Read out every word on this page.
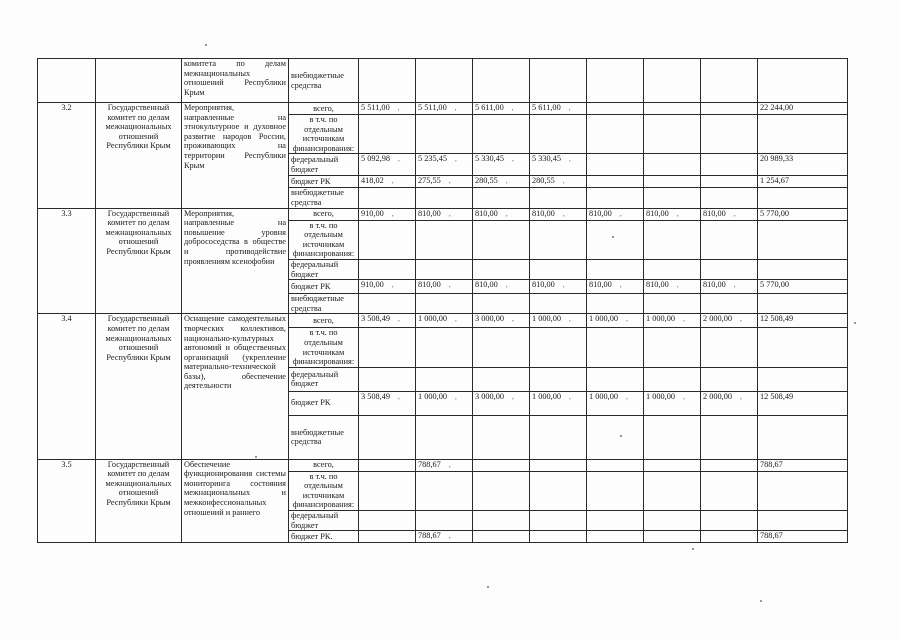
		комитета по делам межнациональных отношений Республики Крым	внебюджетные средства								
3.2	Государственный комитет по делам межнациональных отношений Республики Крым	Мероприятия, направленные на этнокультурное и духовное развитие народов России, проживающих на территории Республики Крым	всего,	5 511,00 ,	5 511,00 ,	5 611,00 ,	5 611,00 ,				22 244,00
			в т.ч. по отдельным источникам финансирования:								
			федеральный бюджет	5 092,98 ,	5 235,45 ,	5 330,45 ,	5 330,45 ,				20 989,33
			бюджет РК	418,02 ,	275,55 ,	280,55 ,	280,55 ,				1 254,67
			внебюджетные средства								
3.3	Государственный комитет по делам межнациональных отношений Республики Крым	Мероприятия, направленные на повышение уровня добрососедства в обществе и противодействие проявлениям ксенофобии	всего,	910,00 ,	810,00 ,	810,00 ,	810,00 ,	810,00 ,	810,00 ,	810,00 ,	5 770,00
			в т.ч. по отдельным источникам финансирования:								
			федеральный бюджет								
			бюджет РК	910,00 ,	810,00 ,	810,00 ,	810,00 ,	810,00 ,	810,00 ,	810,00 ,	5 770,00
			внебюджетные средства								
3.4	Государственный комитет по делам межнациональных отношений Республики Крым	Оснащение самодеятельных творческих коллективов, национально-культурных автономий и общественных организаций (укрепление материально-технической базы), обеспечение деятельности	всего,	3 508,49 ,	1 000,00 ,	3 000,00 ,	1 000,00 ,	1 000,00 ,	1 000,00 ,	2 000,00 ,	12 508,49
			в т.ч. по отдельным источникам финансирования:								
			федеральный бюджет								
			бюджет РК	3 508,49 ,	1 000,00 ,	3 000,00 ,	1 000,00 ,	1 000,00 ,	1 000,00 ,	2 000,00 ,	12 508,49
			внебюджетные средства								
3.5	Государственный комитет по делам межнациональных отношений Республики Крым	Обеспечение функционирования системы мониторинга состояния межнациональных и межконфессиональных отношений и раннего	всего,		788,67 ,						788,67
			в т.ч. по отдельным источникам финансирования:								
			федеральный бюджет								
			бюджет РК.		788,67 ,						788,67
